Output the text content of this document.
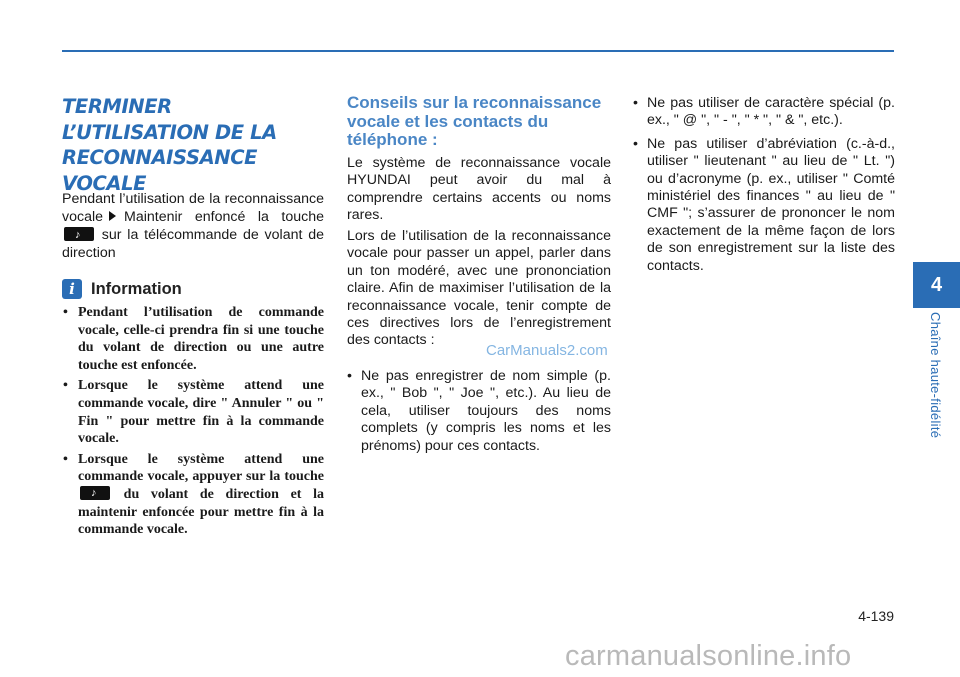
TERMINER L’UTILISATION DE LA RECONNAISSANCE VOCALE

Pendant l’utilisation de la reconnaissance vocale Maintenir enfoncé la touche ♪ sur la télécommande de volant de direction

i Information
• Pendant l’utilisation de commande vocale, celle-ci prendra fin si une touche du volant de direction ou une autre touche est enfoncée.
• Lorsque le système attend une commande vocale, dire " Annuler " ou " Fin " pour mettre fin à la commande vocale.
• Lorsque le système attend une commande vocale, appuyer sur la touche ♪ du volant de direction et la maintenir enfoncée pour mettre fin à la commande vocale.
Conseils sur la reconnaissance vocale et les contacts du téléphone :

Le système de reconnaissance vocale HYUNDAI peut avoir du mal à comprendre certains accents ou noms rares.

Lors de l’utilisation de la reconnaissance vocale pour passer un appel, parler dans un ton modéré, avec une prononciation claire. Afin de maximiser l’utilisation de la reconnaissance vocale, tenir compte de ces directives lors de l’enregistrement des contacts :

• Ne pas enregistrer de nom simple (p. ex., " Bob ", " Joe ", etc.). Au lieu de cela, utiliser toujours des noms complets (y compris les noms et les prénoms) pour ces contacts.
• Ne pas utiliser de caractère spécial (p. ex., " @ ", " - ", " * ", " & ", etc.).
• Ne pas utiliser d’abréviation (c.-à-d., utiliser " lieutenant " au lieu de " Lt. ") ou d’acronyme (p. ex., utiliser " Comté ministériel des finances " au lieu de " CMF "; s’assurer de prononcer le nom exactement de la même façon de lors de son enregistrement sur la liste des contacts.
CarManuals2.com
4
Chaîne haute-fidélité
4-139
carmanualsonline.info
